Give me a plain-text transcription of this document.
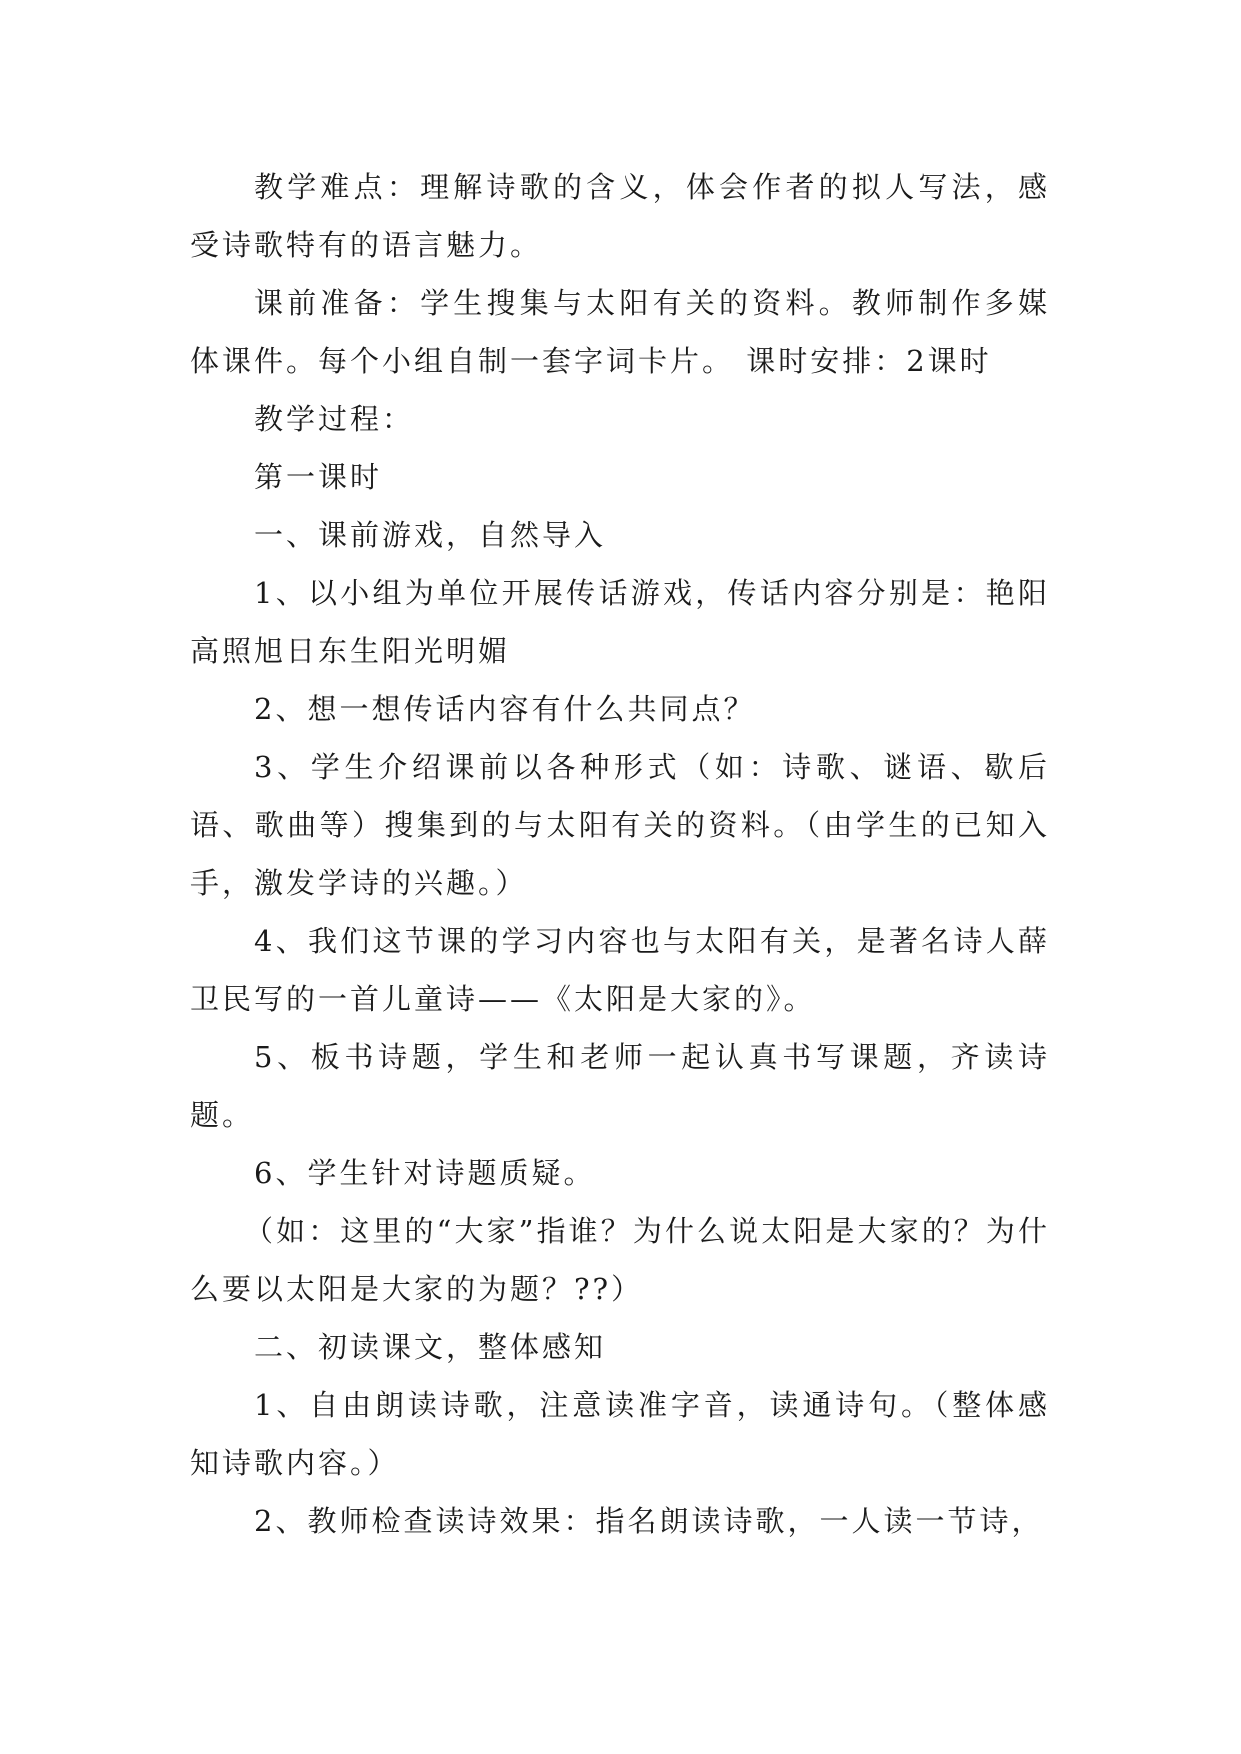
教学难点：理解诗歌的含义，体会作者的拟人写法，感受诗歌特有的语言魅力。

课前准备：学生搜集与太阳有关的资料。教师制作多媒体课件。每个小组自制一套字词卡片。 课时安排：2课时

教学过程：

第一课时

一、课前游戏，自然导入

1、以小组为单位开展传话游戏，传话内容分别是：艳阳高照旭日东生阳光明媚

2、想一想传话内容有什么共同点？

3、学生介绍课前以各种形式（如：诗歌、谜语、歇后语、歌曲等）搜集到的与太阳有关的资料。（由学生的已知入手，激发学诗的兴趣。）

4、我们这节课的学习内容也与太阳有关，是著名诗人薛卫民写的一首儿童诗——《太阳是大家的》。

5、板书诗题，学生和老师一起认真书写课题，齐读诗题。

6、学生针对诗题质疑。

（如：这里的“大家”指谁？为什么说太阳是大家的？为什么要以太阳是大家的为题？??）

二、初读课文，整体感知

1、自由朗读诗歌，注意读准字音，读通诗句。（整体感知诗歌内容。）

2、教师检查读诗效果：指名朗读诗歌，一人读一节诗，
